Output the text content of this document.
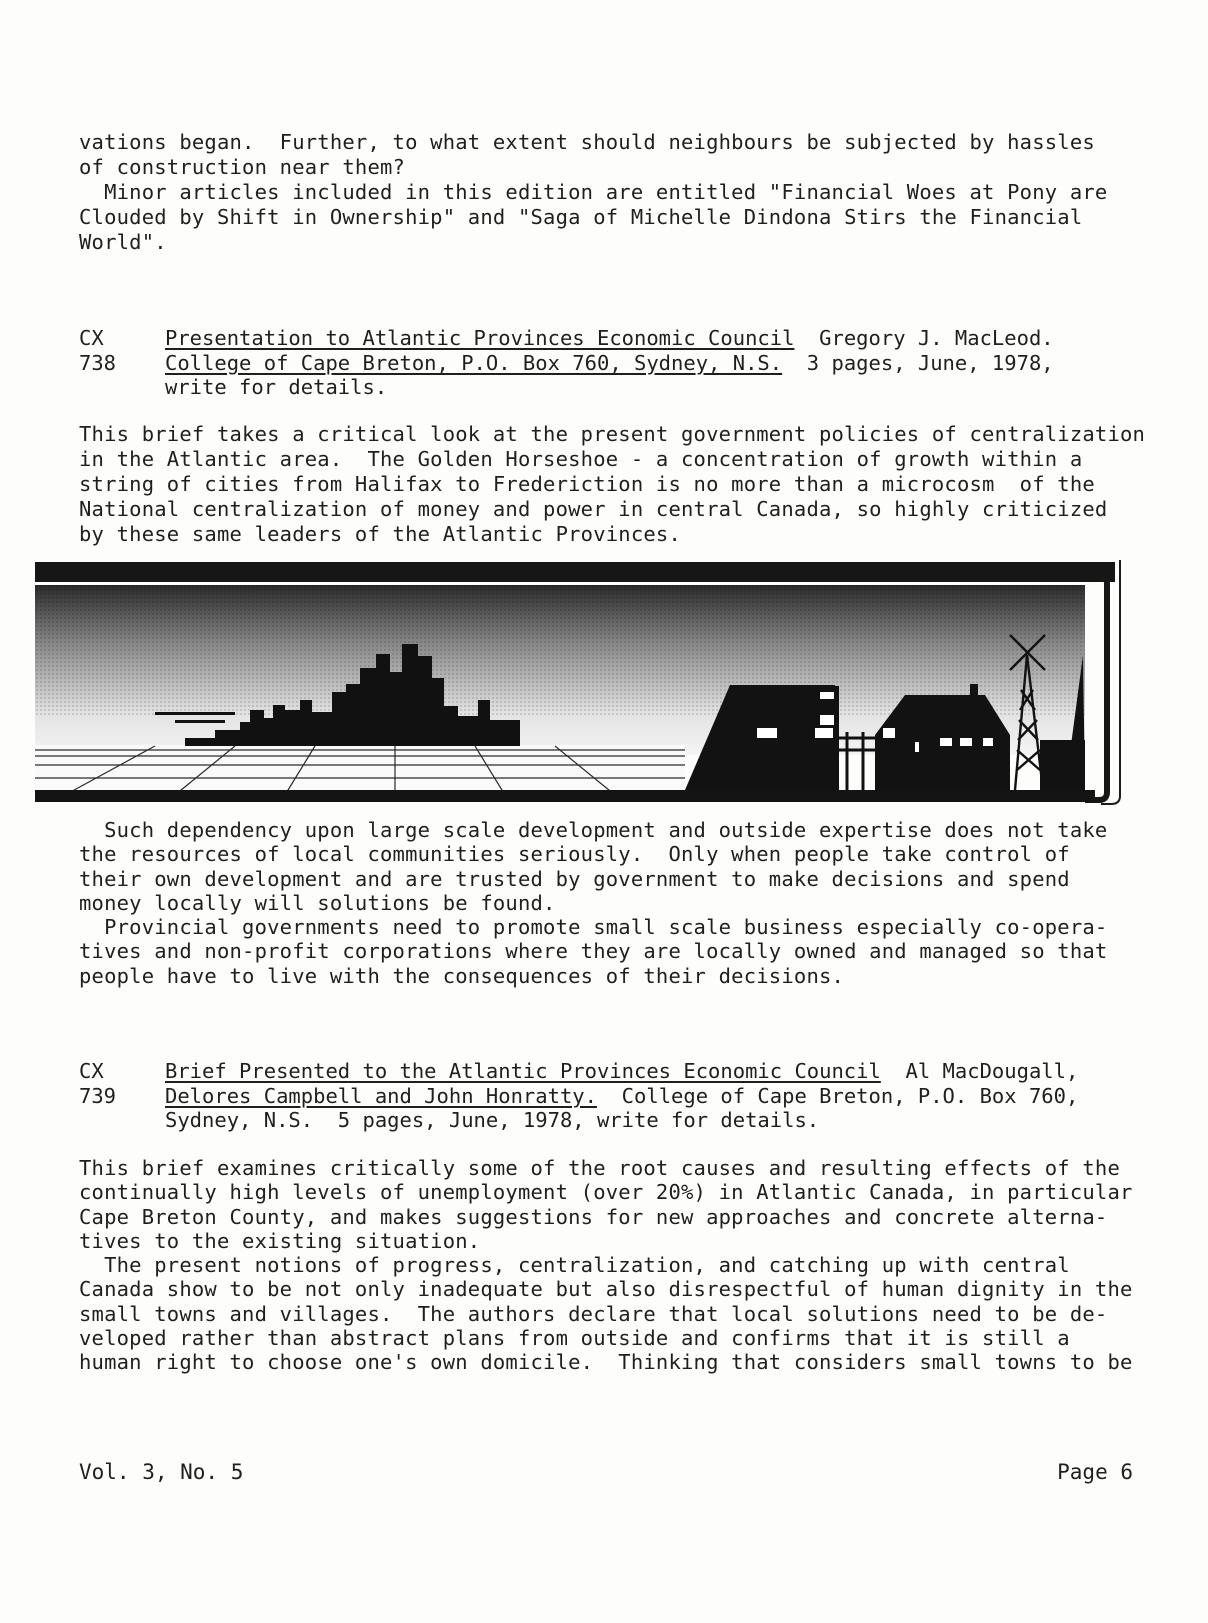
vations began.  Further, to what extent should neighbours be subjected by hassles
of construction near them?
Minor articles included in this edition are entitled "Financial Woes at Pony are
Clouded by Shift in Ownership" and "Saga of Michelle Dindona Stirs the Financial
World".
CX
738
Presentation to Atlantic Provinces Economic Council  Gregory J. MacLeod.
College of Cape Breton, P.O. Box 760, Sydney, N.S.  3 pages, June, 1978,
write for details.
This brief takes a critical look at the present government policies of centralization
in the Atlantic area.  The Golden Horseshoe - a concentration of growth within a
string of cities from Halifax to Frederiction is no more than a microcosm  of the
National centralization of money and power in central Canada, so highly criticized
by these same leaders of the Atlantic Provinces.
Such dependency upon large scale development and outside expertise does not take
the resources of local communities seriously.  Only when people take control of
their own development and are trusted by government to make decisions and spend
money locally will solutions be found.
Provincial governments need to promote small scale business especially co-opera-
tives and non-profit corporations where they are locally owned and managed so that
people have to live with the consequences of their decisions.
CX
739
Brief Presented to the Atlantic Provinces Economic Council  Al MacDougall,
Delores Campbell and John Honratty.  College of Cape Breton, P.O. Box 760,
Sydney, N.S.  5 pages, June, 1978, write for details.
This brief examines critically some of the root causes and resulting effects of the
continually high levels of unemployment (over 20%) in Atlantic Canada, in particular
Cape Breton County, and makes suggestions for new approaches and concrete alterna-
tives to the existing situation.
The present notions of progress, centralization, and catching up with central
Canada show to be not only inadequate but also disrespectful of human dignity in the
small towns and villages.  The authors declare that local solutions need to be de-
veloped rather than abstract plans from outside and confirms that it is still a
human right to choose one's own domicile.  Thinking that considers small towns to be
Vol. 3, No. 5	Page 6
